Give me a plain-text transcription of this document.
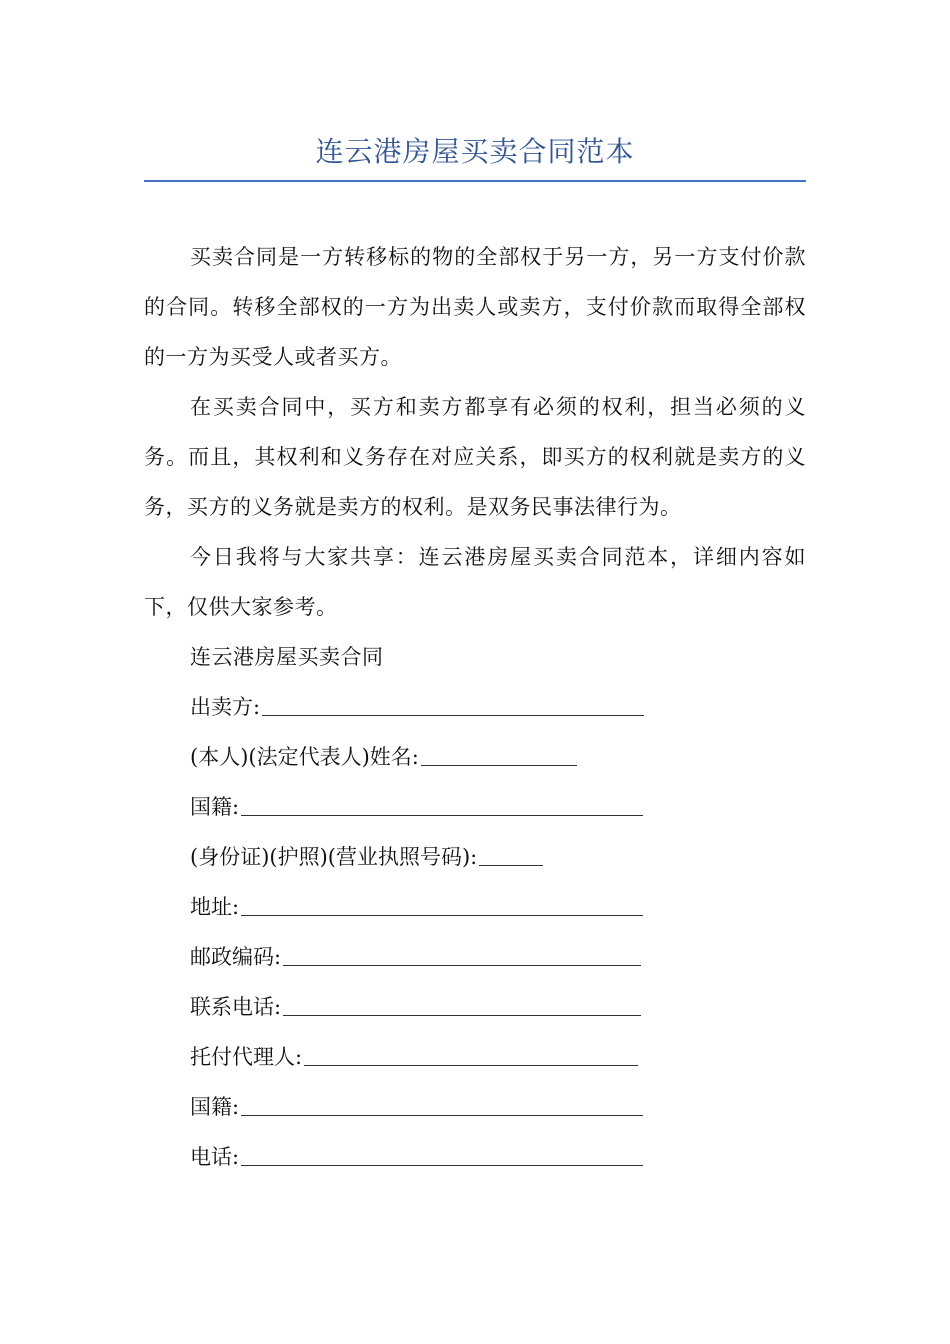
连云港房屋买卖合同范本

买卖合同是一方转移标的物的全部权于另一方，另一方支付价款的合同。转移全部权的一方为出卖人或卖方，支付价款而取得全部权的一方为买受人或者买方。

在买卖合同中，买方和卖方都享有必须的权利，担当必须的义务。而且，其权利和义务存在对应关系，即买方的权利就是卖方的义务，买方的义务就是卖方的权利。是双务民事法律行为。

今日我将与大家共享：连云港房屋买卖合同范本，详细内容如下，仅供大家参考。

连云港房屋买卖合同

出卖方:
(本人)(法定代表人)姓名:
国籍:
(身份证)(护照)(营业执照号码):
地址:
邮政编码:
联系电话:
托付代理人:
国籍:
电话:
